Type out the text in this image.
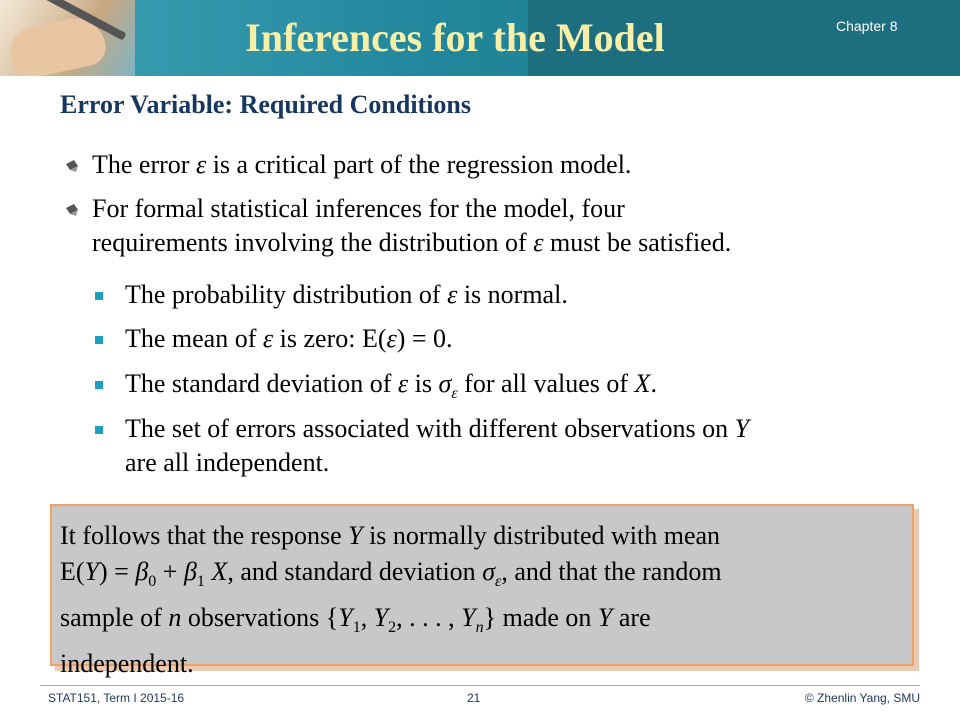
Inferences for the Model	Chapter 8
Error Variable: Required Conditions
The error ε is a critical part of the regression model.
For formal statistical inferences for the model, four
requirements involving the distribution of ε must be satisfied.
The probability distribution of ε is normal.
The mean of ε is zero: E(ε) = 0.
The standard deviation of ε is $\sigma_\varepsilon$ for all values of X.
The set of errors associated with different observations on Y
are all independent.
It follows that the response Y is normally distributed with mean
$E(Y) = \beta_0 + \beta_1$ X, and standard deviation $\sigma_\varepsilon$, and that the random
sample of n observations {$Y_1$, $Y_2$, . . . , $Y_n$} made on Y are
independent.
STAT151, Term I 2015-16	21	© Zhenlin Yang, SMU
